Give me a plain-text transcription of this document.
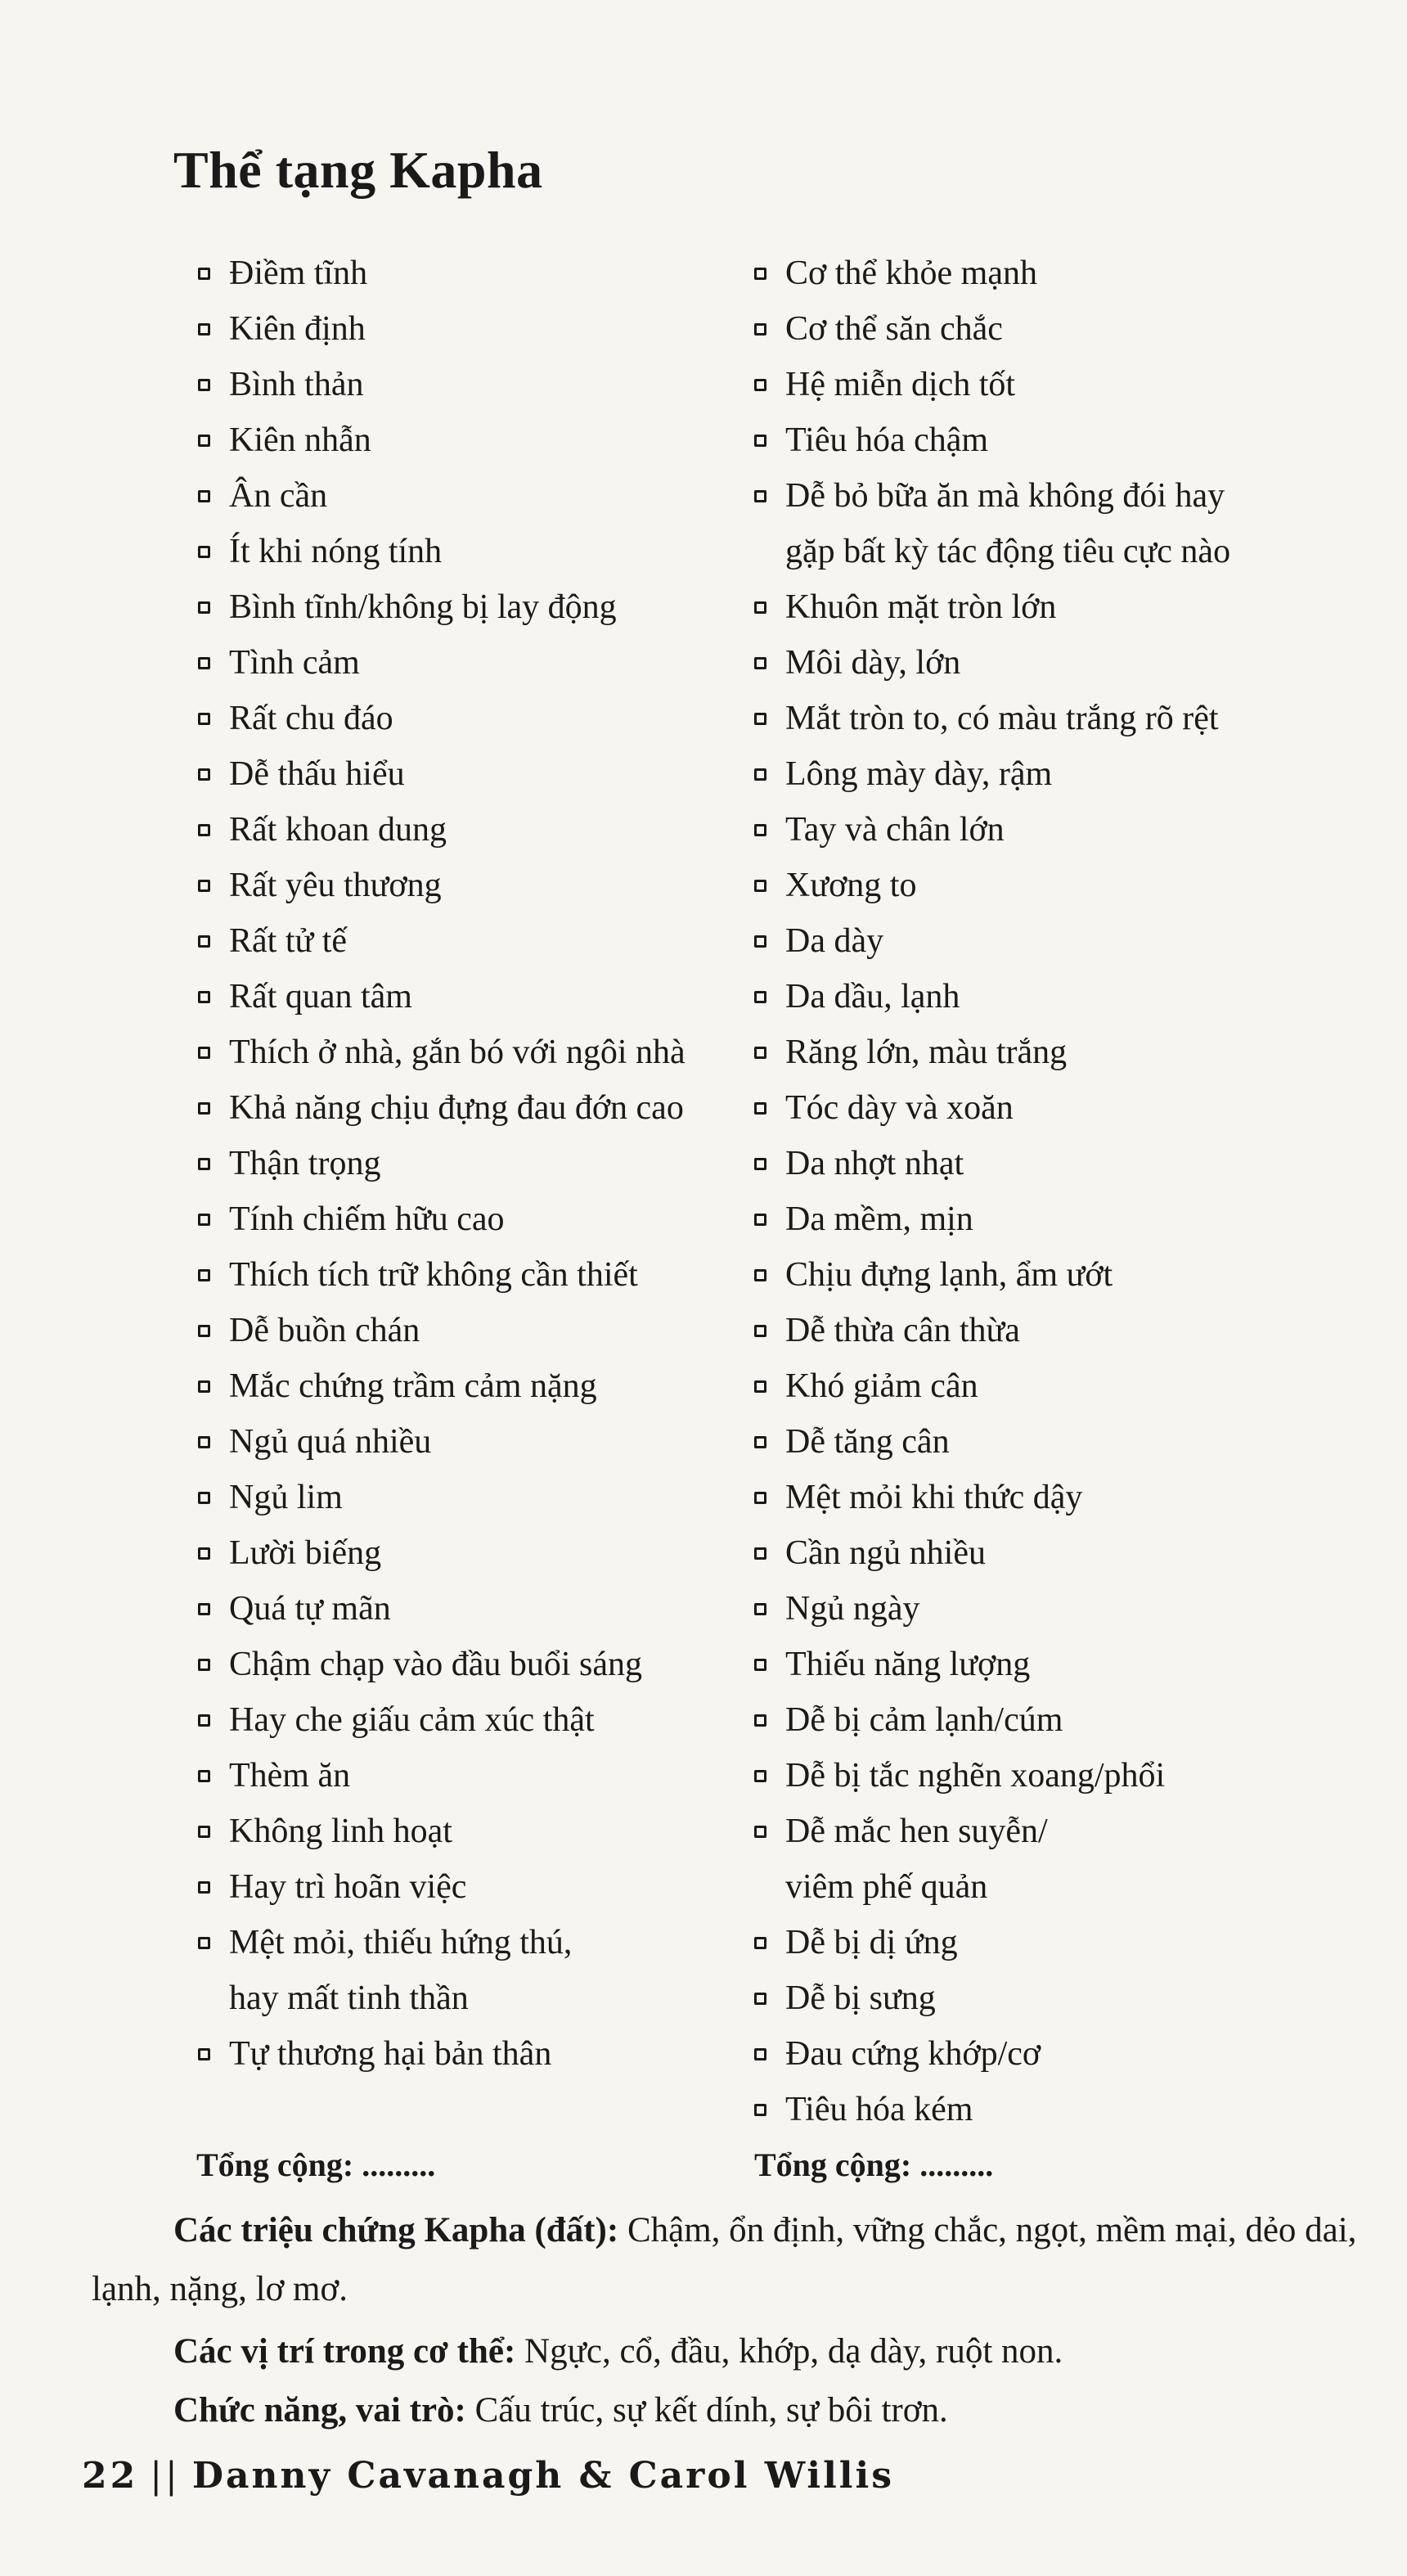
Thể tạng Kapha
Điềm tĩnh
Kiên định
Bình thản
Kiên nhẫn
Ân cần
Ít khi nóng tính
Bình tĩnh/không bị lay động
Tình cảm
Rất chu đáo
Dễ thấu hiểu
Rất khoan dung
Rất yêu thương
Rất tử tế
Rất quan tâm
Thích ở nhà, gắn bó với ngôi nhà
Khả năng chịu đựng đau đớn cao
Thận trọng
Tính chiếm hữu cao
Thích tích trữ không cần thiết
Dễ buồn chán
Mắc chứng trầm cảm nặng
Ngủ quá nhiều
Ngủ lim
Lười biếng
Quá tự mãn
Chậm chạp vào đầu buổi sáng
Hay che giấu cảm xúc thật
Thèm ăn
Không linh hoạt
Hay trì hoãn việc
Mệt mỏi, thiếu hứng thú,
hay mất tinh thần
Tự thương hại bản thân
Cơ thể khỏe mạnh
Cơ thể săn chắc
Hệ miễn dịch tốt
Tiêu hóa chậm
Dễ bỏ bữa ăn mà không đói hay
gặp bất kỳ tác động tiêu cực nào
Khuôn mặt tròn lớn
Môi dày, lớn
Mắt tròn to, có màu trắng rõ rệt
Lông mày dày, rậm
Tay và chân lớn
Xương to
Da dày
Da dầu, lạnh
Răng lớn, màu trắng
Tóc dày và xoăn
Da nhợt nhạt
Da mềm, mịn
Chịu đựng lạnh, ẩm ướt
Dễ thừa cân thừa
Khó giảm cân
Dễ tăng cân
Mệt mỏi khi thức dậy
Cần ngủ nhiều
Ngủ ngày
Thiếu năng lượng
Dễ bị cảm lạnh/cúm
Dễ bị tắc nghẽn xoang/phổi
Dễ mắc hen suyễn/
viêm phế quản
Dễ bị dị ứng
Dễ bị sưng
Đau cứng khớp/cơ
Tiêu hóa kém
Tổng cộng: .........	Tổng cộng: .........

Các triệu chứng Kapha (đất): Chậm, ổn định, vững chắc, ngọt, mềm mại, dẻo dai, lạnh, nặng, lơ mơ.

Các vị trí trong cơ thể: Ngực, cổ, đầu, khớp, dạ dày, ruột non.

Chức năng, vai trò: Cấu trúc, sự kết dính, sự bôi trơn.

22 || Danny Cavanagh & Carol Willis
